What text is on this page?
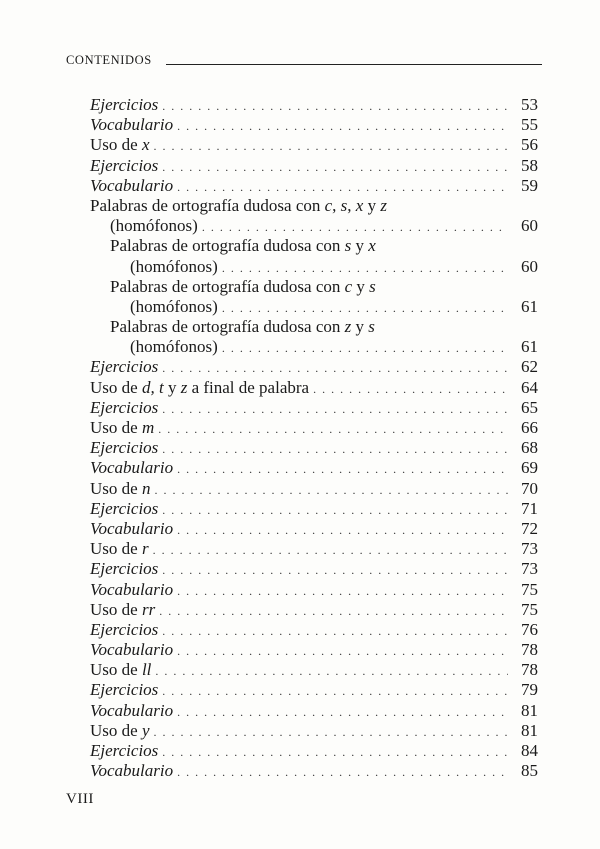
CONTENIDOS
Ejercicios . . .	53
Vocabulario . . .	55
Uso de x . . .	56
Ejercicios . . .	58
Vocabulario . . .	59
Palabras de ortografía dudosa con c, s, x y z
(homófonos) . . .	60
Palabras de ortografía dudosa con s y x
(homófonos) . . .	60
Palabras de ortografía dudosa con c y s
(homófonos) . . .	61
Palabras de ortografía dudosa con z y s
(homófonos) . . .	61
Ejercicios . . .	62
Uso de d, t y z a final de palabra . . .	64
Ejercicios . . .	65
Uso de m . . .	66
Ejercicios . . .	68
Vocabulario . . .	69
Uso de n . . .	70
Ejercicios . . .	71
Vocabulario . . .	72
Uso de r . . .	73
Ejercicios . . .	73
Vocabulario . . .	75
Uso de rr . . .	75
Ejercicios . . .	76
Vocabulario . . .	78
Uso de ll . . .	78
Ejercicios . . .	79
Vocabulario . . .	81
Uso de y . . .	81
Ejercicios . . .	84
Vocabulario . . .	85
VIII
